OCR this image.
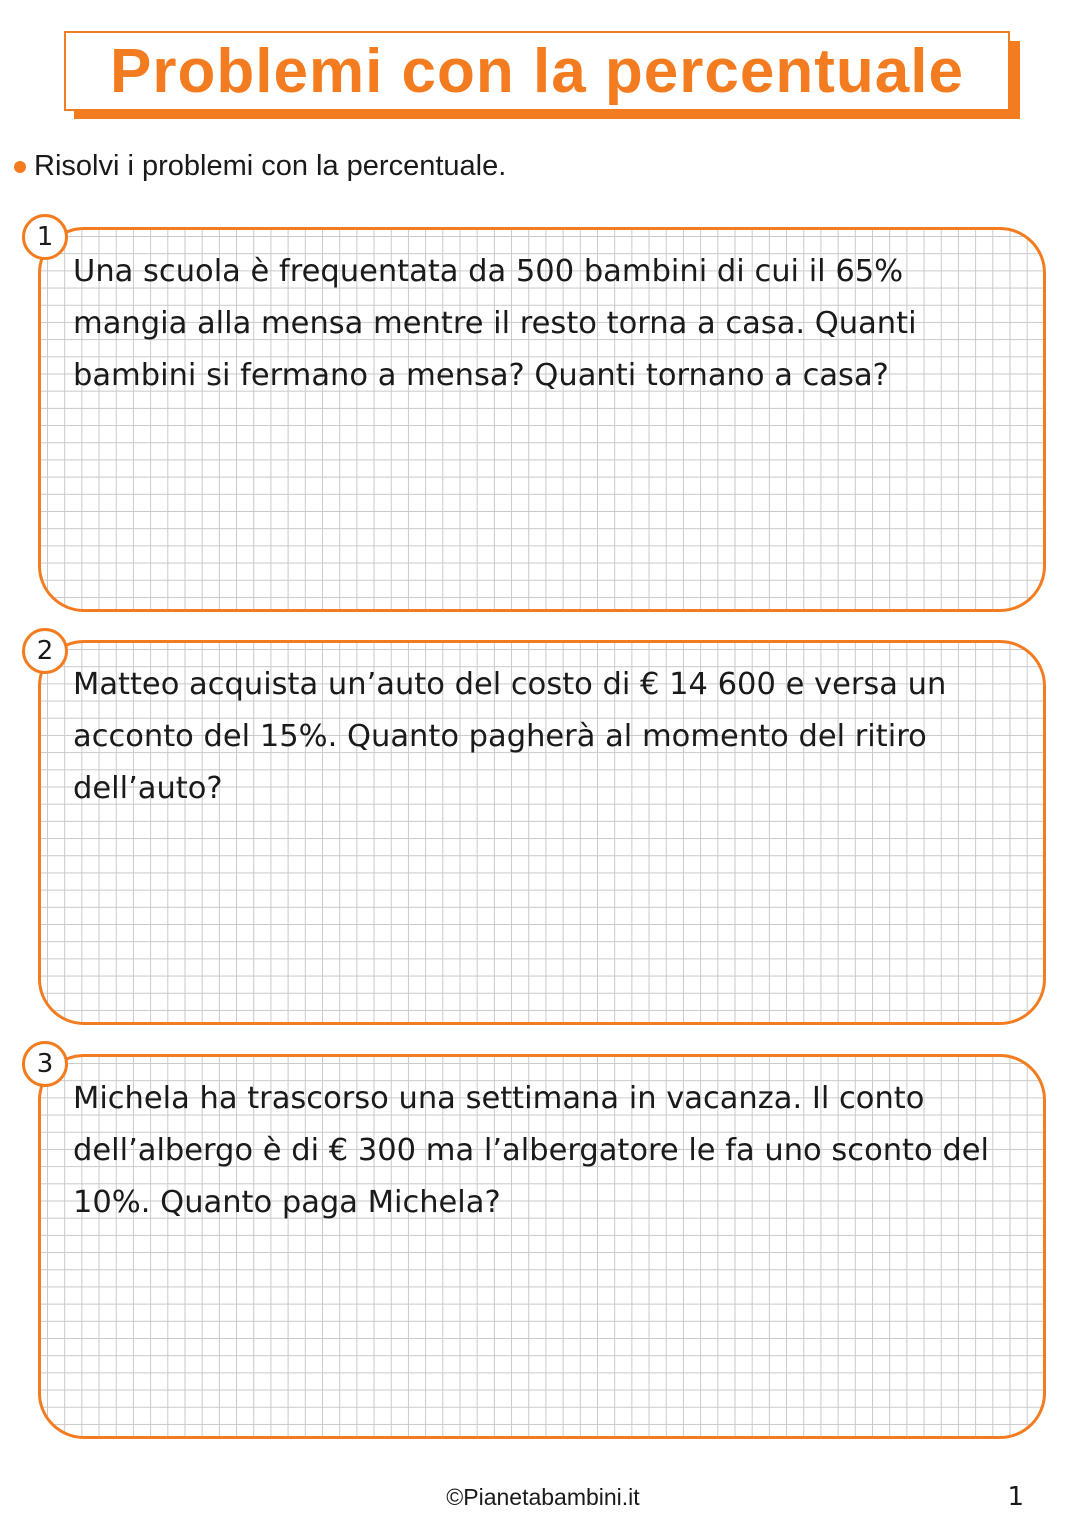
Problemi con la percentuale
Risolvi i problemi con la percentuale.

Una scuola è frequentata da 500 bambini di cui il 65% mangia alla mensa mentre il resto torna a casa. Quanti bambini si fermano a mensa? Quanti tornano a casa?

1

Matteo acquista un’auto del costo di € 14 600 e versa un acconto del 15%. Quanto pagherà al momento del ritiro dell’auto?

2

Michela ha trascorso una settimana in vacanza. Il conto dell’albergo è di € 300 ma l’albergatore le fa uno sconto del 10%. Quanto paga Michela?

3
©Pianetabambini.it	1
